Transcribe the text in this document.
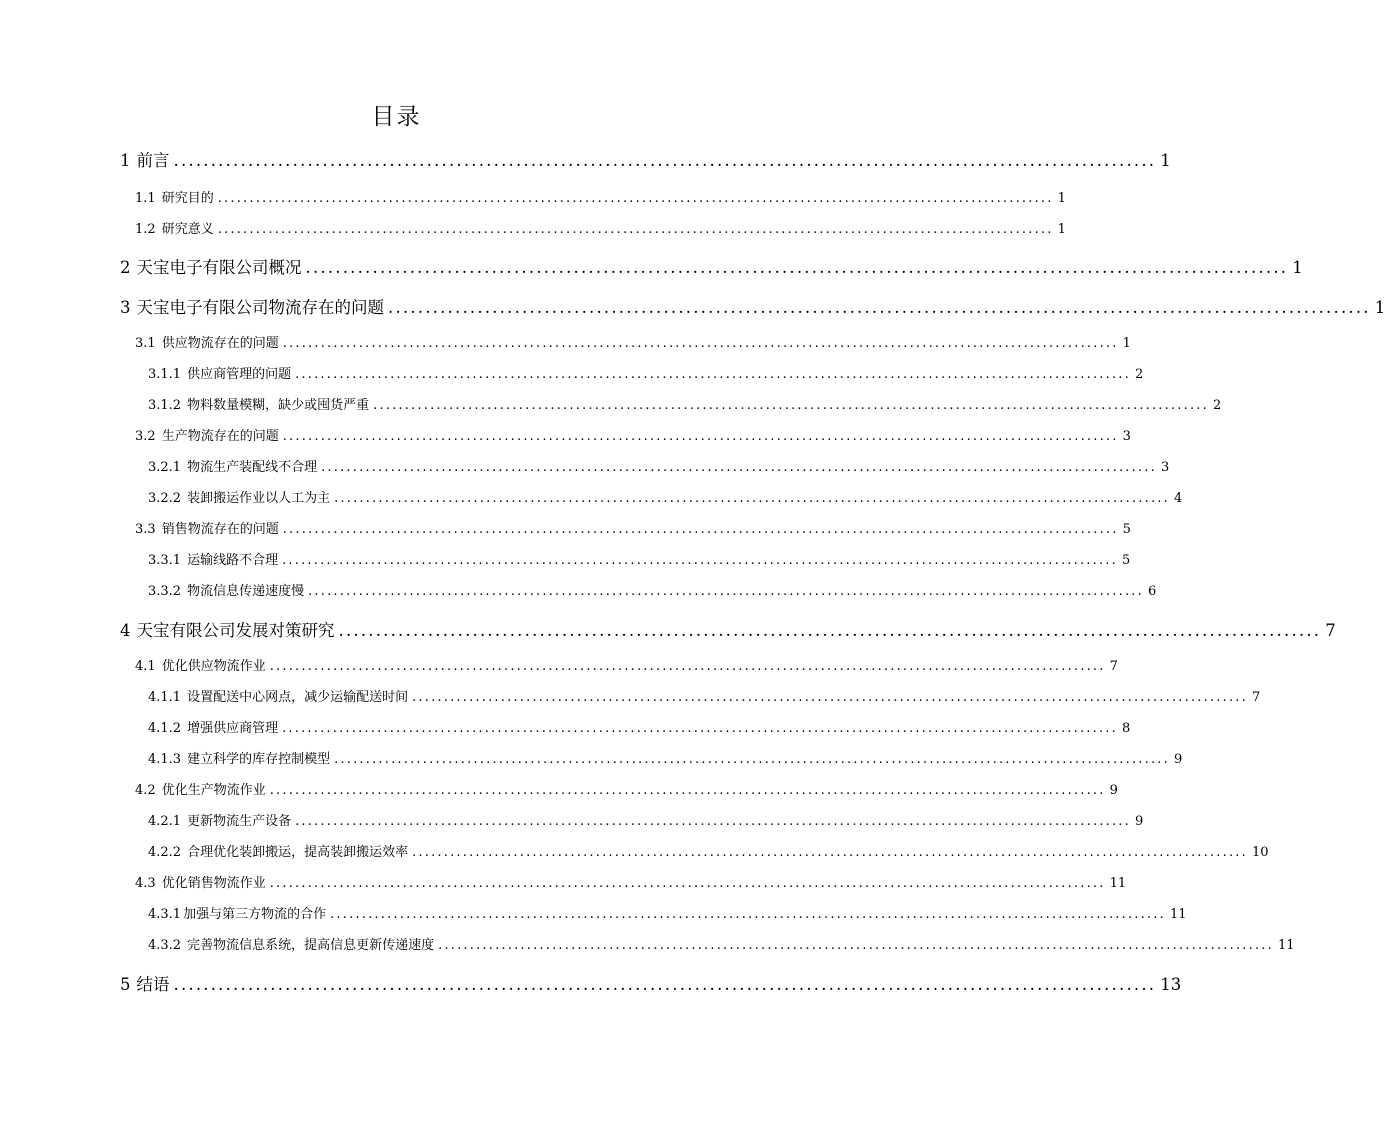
目录
1 前言 .................................................................................................................................... 1
1.1 研究目的 .................................................................................................................................... 1
1.2 研究意义 .................................................................................................................................... 1
2 天宝电子有限公司概况 .................................................................................................................................... 1
3 天宝电子有限公司物流存在的问题 .................................................................................................................................... 1
3.1 供应物流存在的问题 .................................................................................................................................... 1
3.1.1 供应商管理的问题 .................................................................................................................................... 2
3.1.2 物料数量模糊，缺少或囤货严重 .................................................................................................................................... 2
3.2 生产物流存在的问题 .................................................................................................................................... 3
3.2.1 物流生产装配线不合理 .................................................................................................................................... 3
3.2.2 装卸搬运作业以人工为主 .................................................................................................................................... 4
3.3 销售物流存在的问题 .................................................................................................................................... 5
3.3.1 运输线路不合理 .................................................................................................................................... 5
3.3.2 物流信息传递速度慢 .................................................................................................................................... 6
4 天宝有限公司发展对策研究 .................................................................................................................................... 7
4.1 优化供应物流作业 .................................................................................................................................... 7
4.1.1 设置配送中心网点，减少运输配送时间 .................................................................................................................................... 7
4.1.2 增强供应商管理 .................................................................................................................................... 8
4.1.3 建立科学的库存控制模型 .................................................................................................................................... 9
4.2 优化生产物流作业 .................................................................................................................................... 9
4.2.1 更新物流生产设备 .................................................................................................................................... 9
4.2.2 合理优化装卸搬运，提高装卸搬运效率 .................................................................................................................................... 10
4.3 优化销售物流作业 .................................................................................................................................... 11
4.3.1 加强与第三方物流的合作 .................................................................................................................................... 11
4.3.2 完善物流信息系统，提高信息更新传递速度 .................................................................................................................................... 11
5 结语 .................................................................................................................................... 13
